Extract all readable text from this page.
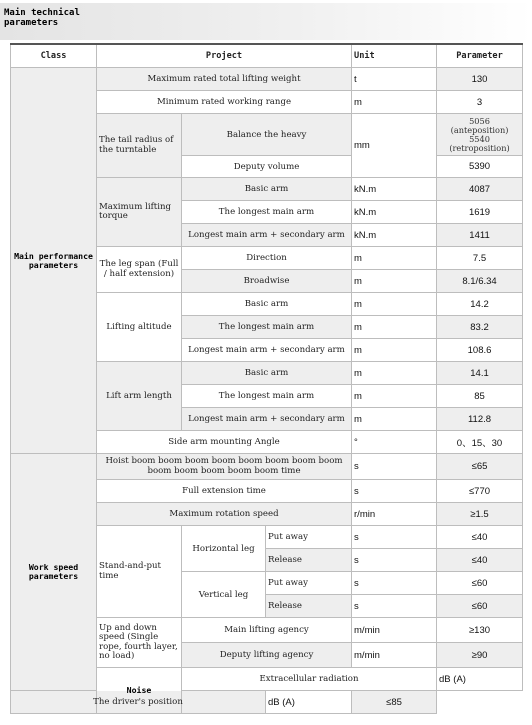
Main technical parameters
Class	Project			Unit	Parameter	
Main performance parameters	Maximum rated total lifting weight			t	130	
	Minimum rated working range			m	3	
	The tail radius of the turntable	Balance the heavy		mm	5056 (anteposition) 5540 (retroposition)	
		Deputy volume			5390	
	Maximum lifting torque	Basic arm		kN.m	4087	
		The longest main arm		kN.m	1619	
		Longest main arm + secondary arm		kN.m	1411	
	The leg span (Full / half extension)	Direction		m	7.5	
		Broadwise		m	8.1/6.34	
	Lifting altitude	Basic arm		m	14.2	
		The longest main arm		m	83.2	
		Longest main arm + secondary arm		m	108.6	
	Lift arm length	Basic arm		m	14.1	
		The longest main arm		m	85	
		Longest main arm + secondary arm		m	112.8	
	Side arm mounting Angle			°	0、15、30	
Work speed parameters	Hoist boom boom boom boom boom boom boom boom boom boom boom boom boom time			s	≤65	
	Full extension time			s	≤770	
	Maximum rotation speed			r/min	≥1.5	
	Stand-and-put time	Horizontal leg	Put away	s	≤40	
			Release	s	≤40	
		Vertical leg	Put away	s	≤60	
			Release	s	≤60	
	Up and down speed (Single rope, fourth layer, no load)	Main lifting agency		m/min	≥130	
		Deputy lifting agency		m/min	≥90	
	Noise	Extracellular radiation			dB (A)	
The driver's position			dB (A)	≤85		
